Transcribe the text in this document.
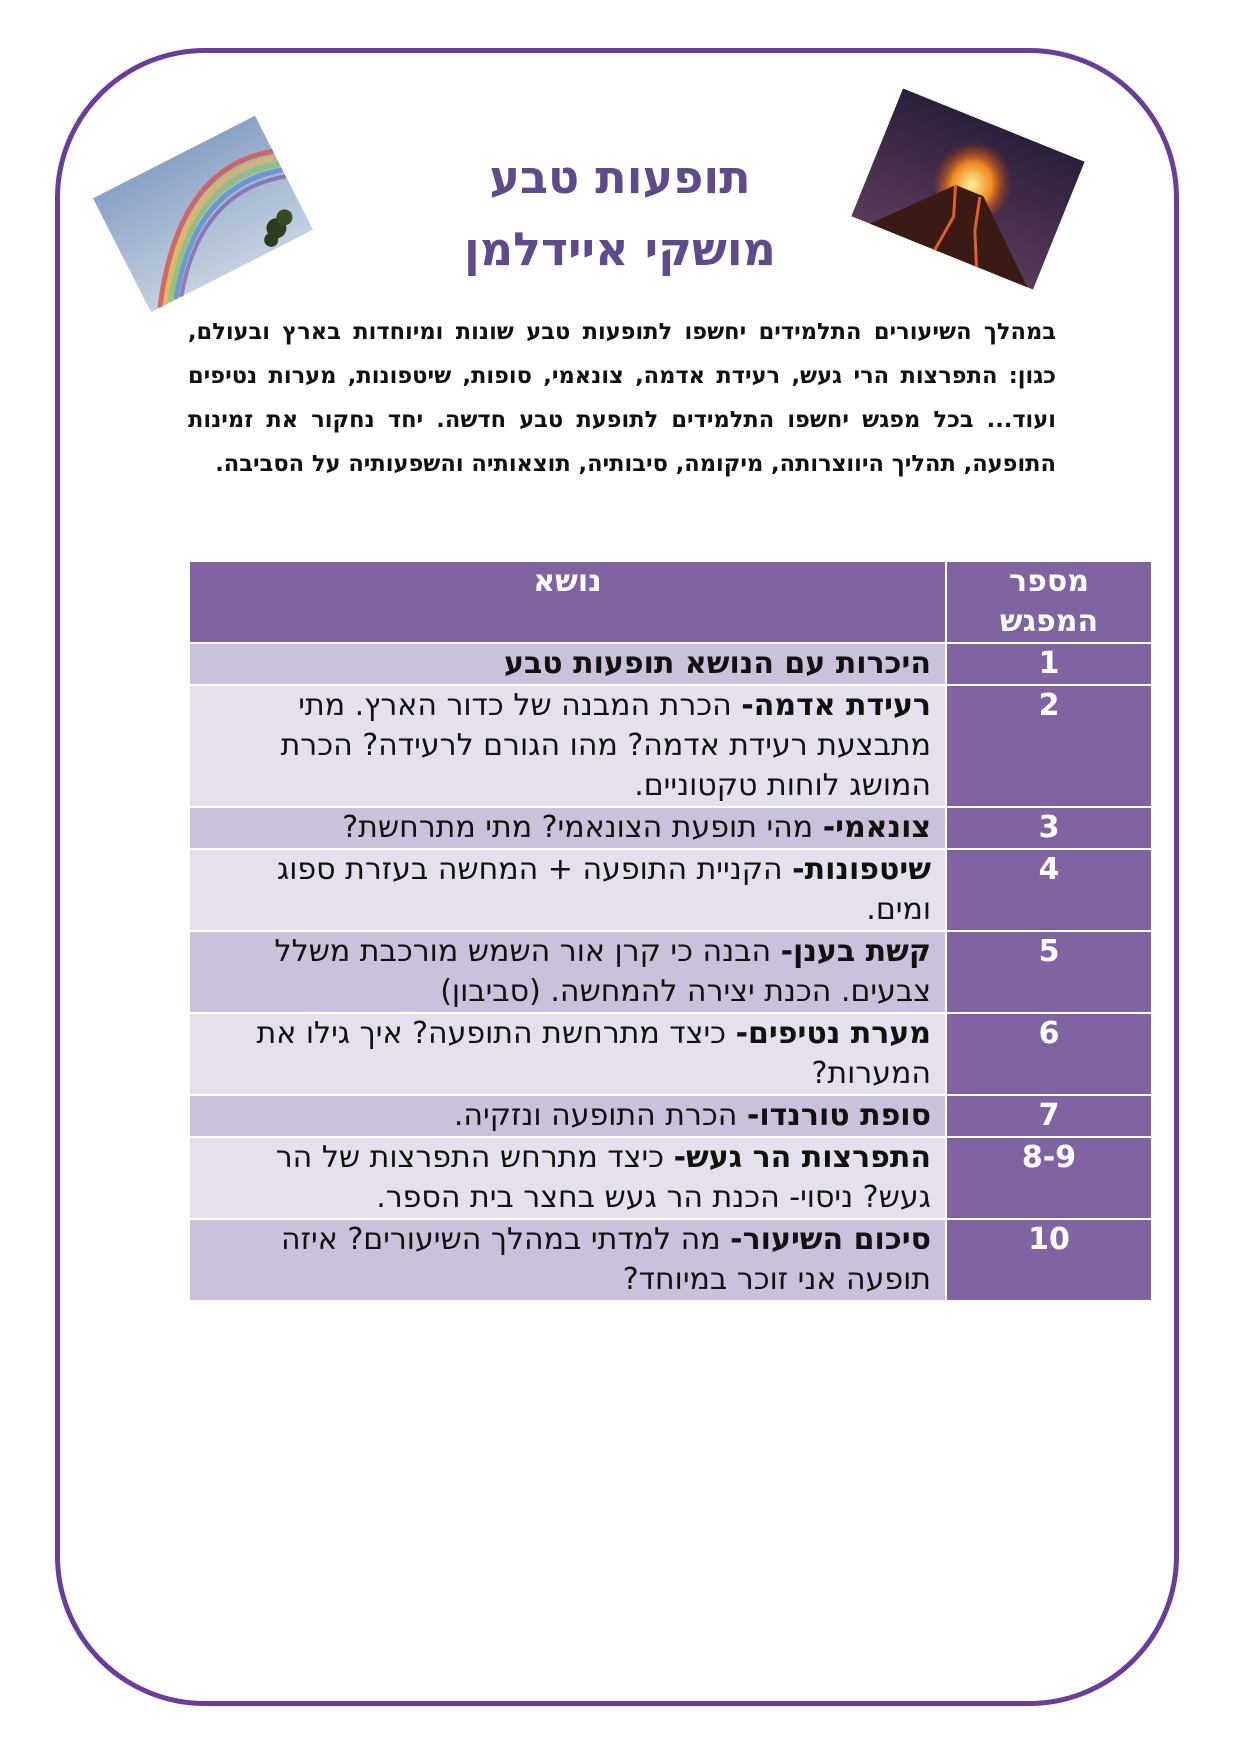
תופעות טבע
מושקי איידלמן
במהלך השיעורים התלמידים יחשפו לתופעות טבע שונות ומיוחדות בארץ ובעולם, כגון: התפרצות הרי געש, רעידת אדמה, צונאמי, סופות, שיטפונות, מערות נטיפים ועוד... בכל מפגש יחשפו התלמידים לתופעת טבע חדשה. יחד נחקור את זמינות התופעה, תהליך היווצרותה, מיקומה, סיבותיה, תוצאותיה והשפעותיה על הסביבה.
מספר המפגש	נושא
1	היכרות עם הנושא תופעות טבע
2	רעידת אדמה- הכרת המבנה של כדור הארץ. מתי מתבצעת רעידת אדמה? מהו הגורם לרעידה? הכרת המושג לוחות טקטוניים.
3	צונאמי- מהי תופעת הצונאמי? מתי מתרחשת?
4	שיטפונות- הקניית התופעה + המחשה בעזרת ספוג ומים.
5	קשת בענן- הבנה כי קרן אור השמש מורכבת משלל צבעים. הכנת יצירה להמחשה. (סביבון)
6	מערת נטיפים- כיצד מתרחשת התופעה? איך גילו את המערות?
7	סופת טורנדו- הכרת התופעה ונזקיה.
8-9	התפרצות הר געש- כיצד מתרחש התפרצות של הר געש? ניסוי- הכנת הר געש בחצר בית הספר.
10	סיכום השיעור- מה למדתי במהלך השיעורים? איזה תופעה אני זוכר במיוחד?
